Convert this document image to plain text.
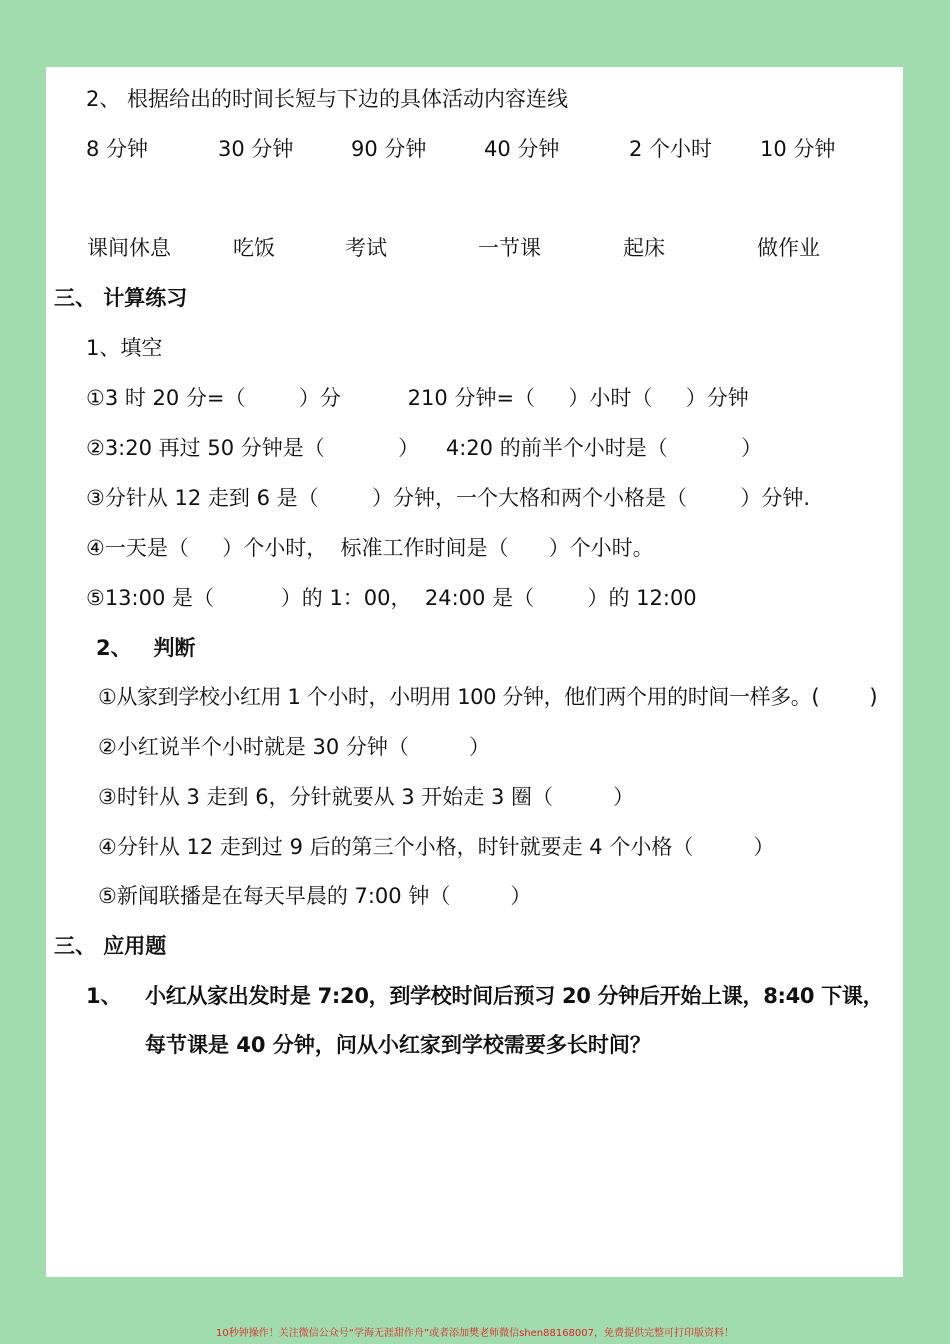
2、 根据给出的时间长短与下边的具体活动内容连线
8 分钟	30 分钟	90 分钟	40 分钟	2 个小时 10 分钟
课间休息	吃饭	考试	一节课	起床	做作业
三、 计算练习
1、填空
①3 时 20 分=（        ）分          210 分钟=（     ）小时（     ）分钟
②3:20 再过 50 分钟是（           ）    4:20 的前半个小时是（           ）
③分针从 12 走到 6 是（        ）分钟，一个大格和两个小格是（        ）分钟.
④一天是（     ）个小时，  标准工作时间是（      ）个小时。
⑤13:00 是（          ）的 1：00，  24:00 是（        ）的 12:00
2、   判断
①从家到学校小红用 1 个小时，小明用 100 分钟，他们两个用的时间一样多。(        )
②小红说半个小时就是 30 分钟（         ）
③时针从 3 走到 6，分针就要从 3 开始走 3 圈（         ）
④分针从 12 走到过 9 后的第三个小格，时针就要走 4 个小格（         ）
⑤新闻联播是在每天早晨的 7:00 钟（         ）
三、 应用题
1、 小红从家出发时是 7:20，到学校时间后预习 20 分钟后开始上课，8:40 下课，
每节课是 40 分钟，问从小红家到学校需要多长时间？
10秒钟操作！关注微信公众号“学海无涯甜作舟”或者添加樊老师微信shen88168007，免费提供完整可打印版资料！
